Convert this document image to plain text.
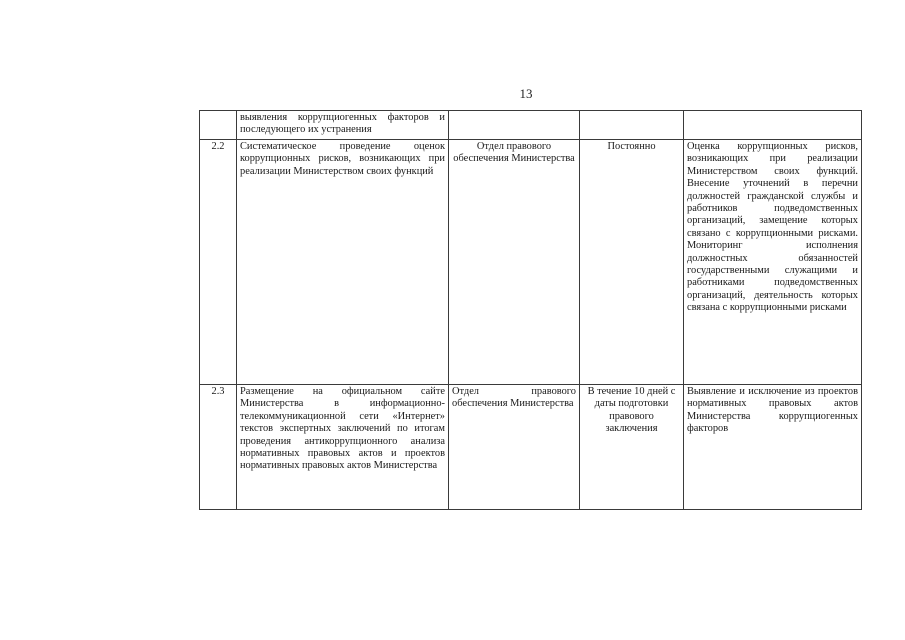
13
	выявления коррупциогенных факторов и последующего их устранения			
2.2	Систематическое проведение оценок коррупционных рисков, возникающих при реализации Министерством своих функций	Отдел правового обеспечения Министерства	Постоянно	Оценка коррупционных рисков, возникающих при реализации Министерством своих функций. Внесение уточнений в перечни должностей гражданской службы и работников подведомственных организаций, замещение которых связано с коррупционными рисками. Мониторинг исполнения должностных обязанностей государственными служащими и работниками подведомственных организаций, деятельность которых связана с коррупционными рисками
2.3	Размещение на официальном сайте Министерства в информационно-телекоммуникационной сети «Интернет» текстов экспертных заключений по итогам проведения антикоррупционного анализа нормативных правовых актов и проектов нормативных правовых актов Министерства	Отдел правового обеспечения Министерства	В течение 10 дней с даты подготовки правового заключения	Выявление и исключение из проектов нормативных правовых актов Министерства коррупциогенных факторов
